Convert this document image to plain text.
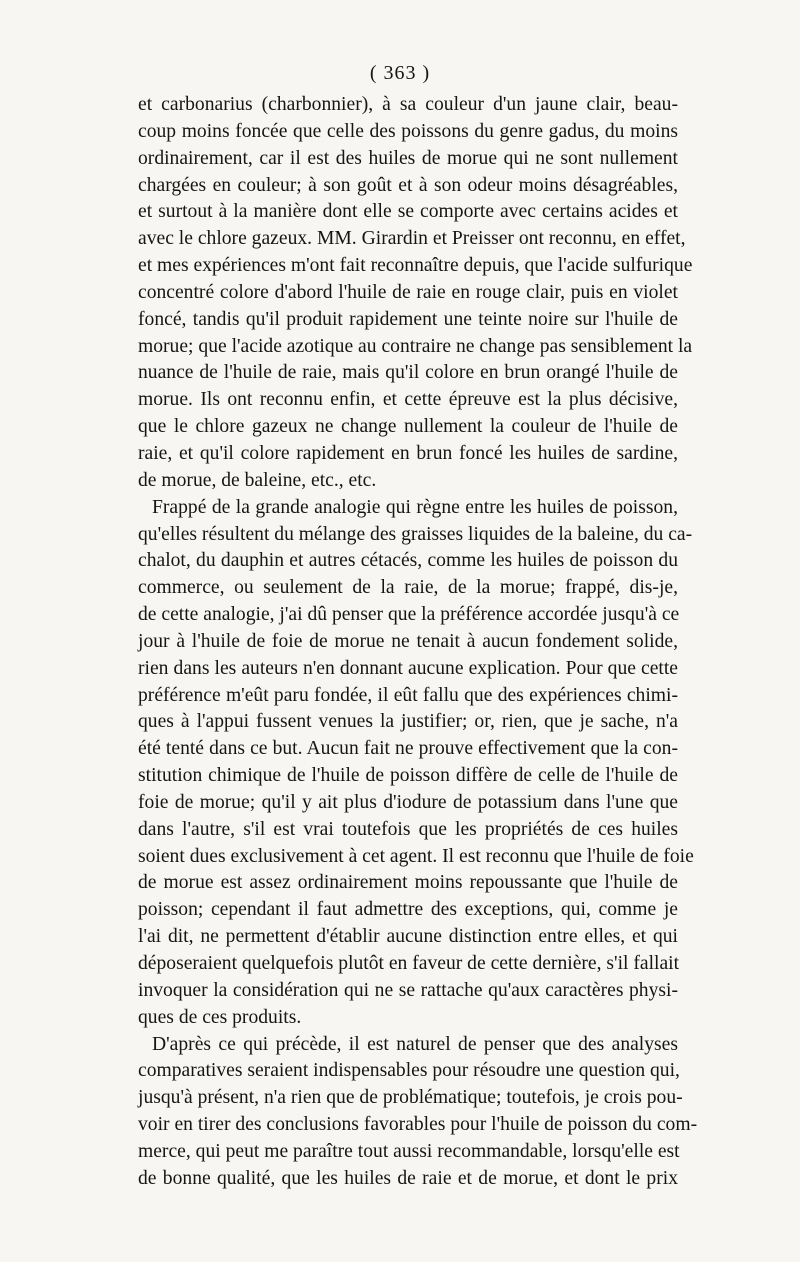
( 363 )
et carbonarius (charbonnier), à sa couleur d'un jaune clair, beau-
coup moins foncée que celle des poissons du genre gadus, du moins
ordinairement, car il est des huiles de morue qui ne sont nullement
chargées en couleur; à son goût et à son odeur moins désagréables,
et surtout à la manière dont elle se comporte avec certains acides et
avec le chlore gazeux. MM. Girardin et Preisser ont reconnu, en effet,
et mes expériences m'ont fait reconnaître depuis, que l'acide sulfurique
concentré colore d'abord l'huile de raie en rouge clair, puis en violet
foncé, tandis qu'il produit rapidement une teinte noire sur l'huile de
morue; que l'acide azotique au contraire ne change pas sensiblement la
nuance de l'huile de raie, mais qu'il colore en brun orangé l'huile de
morue. Ils ont reconnu enfin, et cette épreuve est la plus décisive,
que le chlore gazeux ne change nullement la couleur de l'huile de
raie, et qu'il colore rapidement en brun foncé les huiles de sardine,
de morue, de baleine, etc., etc.
Frappé de la grande analogie qui règne entre les huiles de poisson,
qu'elles résultent du mélange des graisses liquides de la baleine, du ca-
chalot, du dauphin et autres cétacés, comme les huiles de poisson du
commerce, ou seulement de la raie, de la morue; frappé, dis-je,
de cette analogie, j'ai dû penser que la préférence accordée jusqu'à ce
jour à l'huile de foie de morue ne tenait à aucun fondement solide,
rien dans les auteurs n'en donnant aucune explication. Pour que cette
préférence m'eût paru fondée, il eût fallu que des expériences chimi-
ques à l'appui fussent venues la justifier; or, rien, que je sache, n'a
été tenté dans ce but. Aucun fait ne prouve effectivement que la con-
stitution chimique de l'huile de poisson diffère de celle de l'huile de
foie de morue; qu'il y ait plus d'iodure de potassium dans l'une que
dans l'autre, s'il est vrai toutefois que les propriétés de ces huiles
soient dues exclusivement à cet agent. Il est reconnu que l'huile de foie
de morue est assez ordinairement moins repoussante que l'huile de
poisson; cependant il faut admettre des exceptions, qui, comme je
l'ai dit, ne permettent d'établir aucune distinction entre elles, et qui
déposeraient quelquefois plutôt en faveur de cette dernière, s'il fallait
invoquer la considération qui ne se rattache qu'aux caractères physi-
ques de ces produits.
D'après ce qui précède, il est naturel de penser que des analyses
comparatives seraient indispensables pour résoudre une question qui,
jusqu'à présent, n'a rien que de problématique; toutefois, je crois pou-
voir en tirer des conclusions favorables pour l'huile de poisson du com-
merce, qui peut me paraître tout aussi recommandable, lorsqu'elle est
de bonne qualité, que les huiles de raie et de morue, et dont le prix
